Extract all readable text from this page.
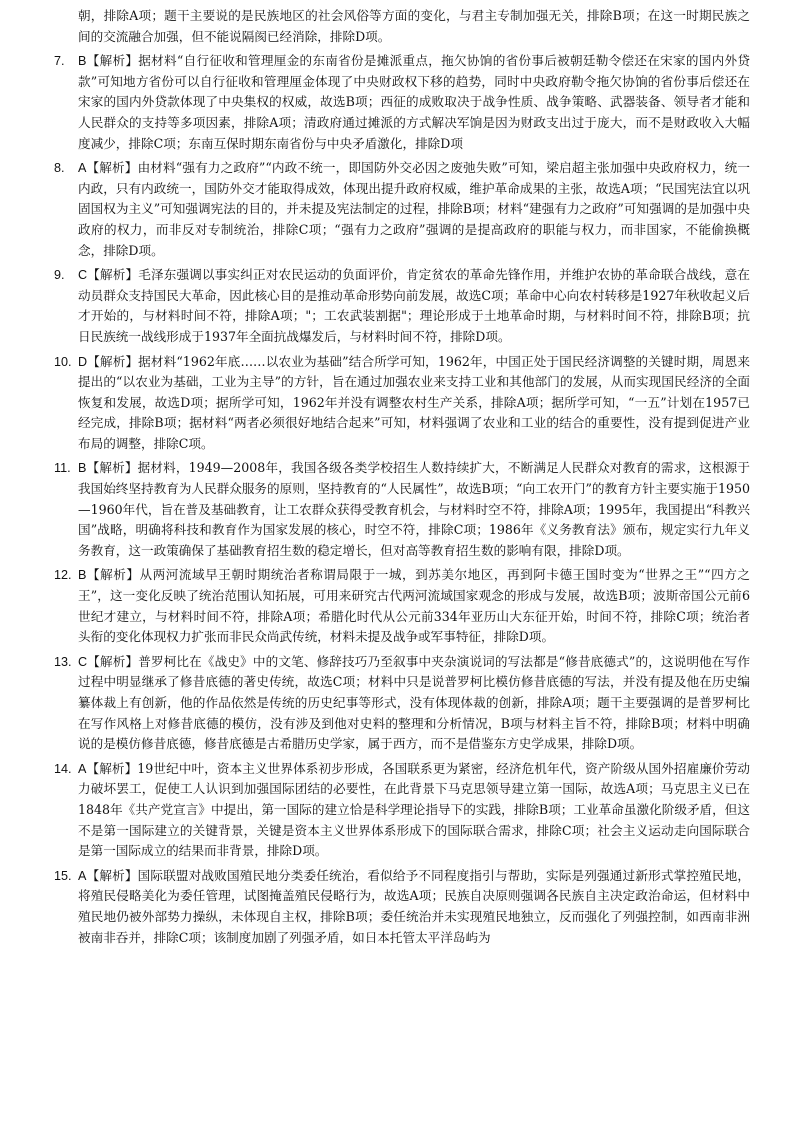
朝，排除A项；题干主要说的是民族地区的社会风俗等方面的变化，与君主专制加强无关，排除B项；在这一时期民族之间的交流融合加强，但不能说隔阂已经消除，排除D项。
7.	B【解析】据材料“自行征收和管理厘金的东南省份是摊派重点，拖欠协饷的省份事后被朝廷勒令偿还在宋家的国内外贷款”可知地方省份可以自行征收和管理厘金体现了中央财政权下移的趋势，同时中央政府勒令拖欠协饷的省份事后偿还在宋家的国内外贷款体现了中央集权的权威，故选B项；西征的成败取决于战争性质、战争策略、武器装备、领导者才能和人民群众的支持等多项因素，排除A项；清政府通过摊派的方式解决军饷是因为财政支出过于庞大，而不是财政收入大幅度减少，排除C项；东南互保时期东南省份与中央矛盾激化，排除D项
8.	A【解析】由材料“强有力之政府”“内政不统一，即国防外交必因之废弛失败”可知，梁启超主张加强中央政府权力，统一内政，只有内政统一，国防外交才能取得成效，体现出提升政府权威，维护革命成果的主张，故选A项；“民国宪法宜以巩固国权为主义”可知强调宪法的目的，并未提及宪法制定的过程，排除B项；材料“建强有力之政府”可知强调的是加强中央政府的权力，而非反对专制统治，排除C项；“强有力之政府”强调的是提高政府的职能与权力，而非国家，不能偷换概念，排除D项。
9.	C【解析】毛泽东强调以事实纠正对农民运动的负面评价，肯定贫农的革命先锋作用，并维护农协的革命联合战线，意在动员群众支持国民大革命，因此核心目的是推动革命形势向前发展，故选C项；革命中心向农村转移是1927年秋收起义后才开始的，与材料时间不符，排除A项；"；工农武装割据"；理论形成于土地革命时期，与材料时间不符，排除B项；抗日民族统一战线形成于1937年全面抗战爆发后，与材料时间不符，排除D项。
10. D【解析】据材料“1962年底……以农业为基础”结合所学可知，1962年，中国正处于国民经济调整的关键时期，周恩来提出的“以农业为基础，工业为主导”的方针，旨在通过加强农业来支持工业和其他部门的发展，从而实现国民经济的全面恢复和发展，故选D项；据所学可知，1962年并没有调整农村生产关系，排除A项；据所学可知，“一五”计划在1957已经完成，排除B项；据材料“两者必须很好地结合起来”可知，材料强调了农业和工业的结合的重要性，没有提到促进产业布局的调整，排除C项。
11. B【解析】据材料，1949—2008年，我国各级各类学校招生人数持续扩大，不断满足人民群众对教育的需求，这根源于我国始终坚持教育为人民群众服务的原则，坚持教育的“人民属性”，故选B项；“向工农开门”的教育方针主要实施于1950—1960年代，旨在普及基础教育，让工农群众获得受教育机会，与材料时空不符，排除A项；1995年，我国提出“科教兴国”战略，明确将科技和教育作为国家发展的核心，时空不符，排除C项；1986年《义务教育法》颁布，规定实行九年义务教育，这一政策确保了基础教育招生数的稳定增长，但对高等教育招生数的影响有限，排除D项。
12. B【解析】从两河流域早王朝时期统治者称谓局限于一城，到苏美尔地区，再到阿卡德王国时变为“世界之王”“四方之王”，这一变化反映了统治范围认知拓展，可用来研究古代两河流域国家观念的形成与发展，故选B项；波斯帝国公元前6世纪才建立，与材料时间不符，排除A项；希腊化时代从公元前334年亚历山大东征开始，时间不符，排除C项；统治者头衔的变化体现权力扩张而非民众尚武传统，材料未提及战争或军事特征，排除D项。
13. C【解析】普罗柯比在《战史》中的文笔、修辞技巧乃至叙事中夹杂演说词的写法都是“修昔底德式”的，这说明他在写作过程中明显继承了修昔底德的著史传统，故选C项；材料中只是说普罗柯比模仿修昔底德的写法，并没有提及他在历史编纂体裁上有创新，他的作品依然是传统的历史纪事等形式，没有体现体裁的创新，排除A项；题干主要强调的是普罗柯比在写作风格上对修昔底德的模仿，没有涉及到他对史料的整理和分析情况，B项与材料主旨不符，排除B项；材料中明确说的是模仿修昔底德，修昔底德是古希腊历史学家，属于西方，而不是借鉴东方史学成果，排除D项。
14. A【解析】19世纪中叶，资本主义世界体系初步形成，各国联系更为紧密，经济危机年代，资产阶级从国外招雇廉价劳动力破坏罢工，促使工人认识到加强国际团结的必要性，在此背景下马克思领导建立第一国际，故选A项；马克思主义已在1848年《共产党宣言》中提出，第一国际的建立恰是科学理论指导下的实践，排除B项；工业革命虽激化阶级矛盾，但这不是第一国际建立的关键背景，关键是资本主义世界体系形成下的国际联合需求，排除C项；社会主义运动走向国际联合是第一国际成立的结果而非背景，排除D项。
15. A【解析】国际联盟对战败国殖民地分类委任统治，看似给予不同程度指引与帮助，实际是列强通过新形式掌控殖民地，将殖民侵略美化为委任管理，试图掩盖殖民侵略行为，故选A项；民族自决原则强调各民族自主决定政治命运，但材料中殖民地仍被外部势力操纵，未体现自主权，排除B项；委任统治并未实现殖民地独立，反而强化了列强控制，如西南非洲被南非吞并，排除C项；该制度加剧了列强矛盾，如日本托管太平洋岛屿为
